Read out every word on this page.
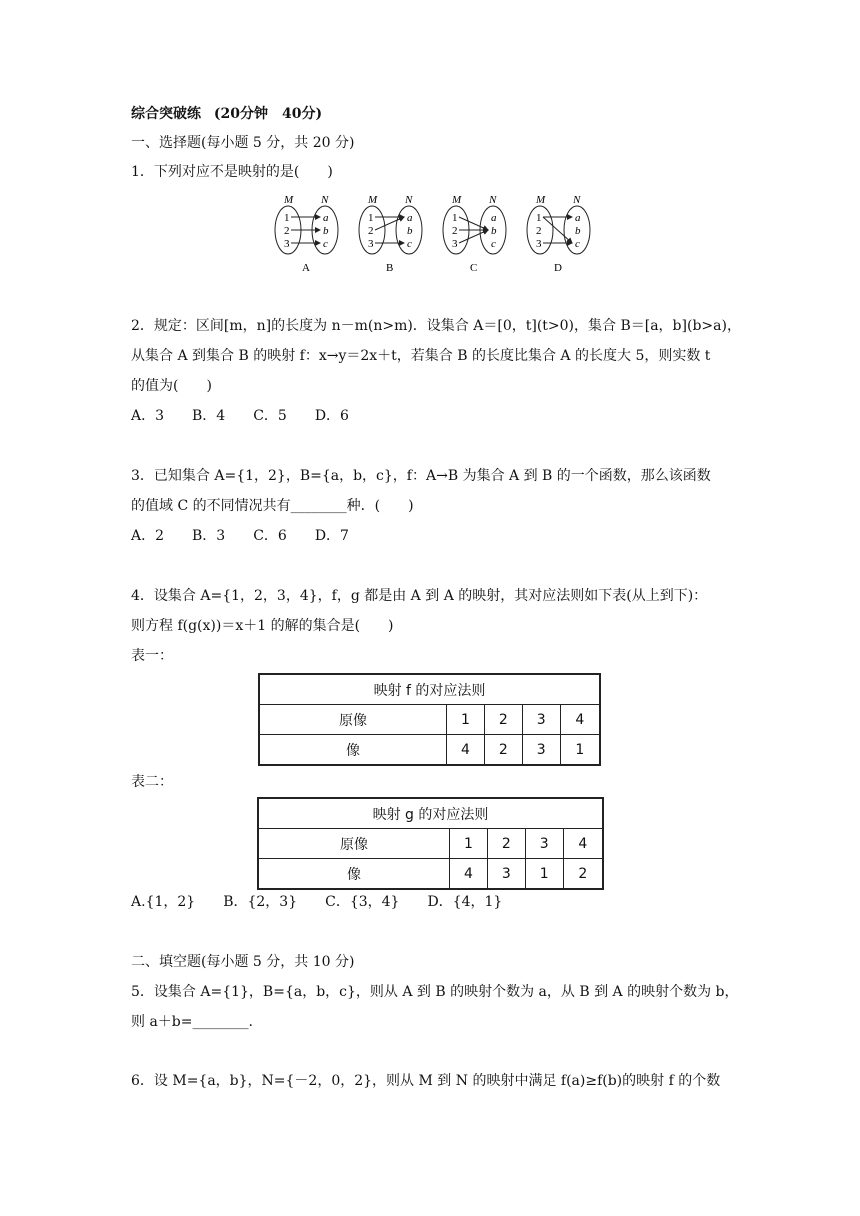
综合突破练 (20分钟　40分)
一、选择题(每小题 5 分，共 20 分)
1．下列对应不是映射的是(　　)
M	N
1
2
3
a
b
c
A
M	N
1
2
3
a
b
c
B
M	N
1
2
3
a
b
c
C
M	N
1
2
3
a
b
c
D
2．规定：区间[m，n]的长度为 n－m(n>m)．设集合 A＝[0，t](t>0)，集合 B＝[a，b](b>a)，
从集合 A 到集合 B 的映射 f：x→y＝2x＋t，若集合 B 的长度比集合 A 的长度大 5，则实数 t
的值为(　　)
A．3　　B．4　　C．5　　D．6
3．已知集合 A={1，2}，B={a，b，c}，f：A→B 为集合 A 到 B 的一个函数，那么该函数
的值域 C 的不同情况共有________种．(　　)
A．2　　B．3　　C．6　　D．7
4．设集合 A={1，2，3，4}，f，g 都是由 A 到 A 的映射，其对应法则如下表(从上到下)：
则方程 f(g(x))＝x＋1 的解的集合是(　　)
表一：
映射 f 的对应法则				
原像	1	2	3	4
像	4	2	3	1
表二：
映射 g 的对应法则				
原像	1	2	3	4
像	4	3	1	2
A.{1，2}　　B．{2，3}　　C．{3，4}　　D．{4，1}
二、填空题(每小题 5 分，共 10 分)
5．设集合 A={1}，B={a，b，c}，则从 A 到 B 的映射个数为 a，从 B 到 A 的映射个数为 b，
则 a＋b=________.
6．设 M={a，b}，N={－2，0，2}，则从 M 到 N 的映射中满足 f(a)≥f(b)的映射 f 的个数
